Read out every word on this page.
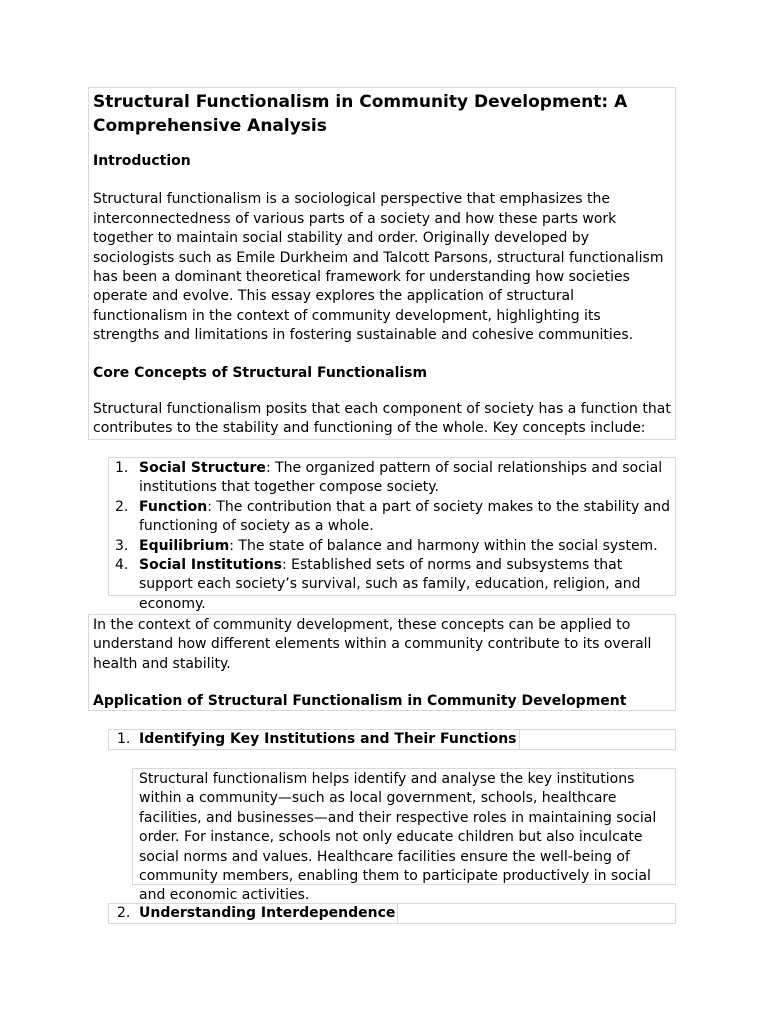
Structural Functionalism in Community Development: A Comprehensive Analysis

Introduction

Structural functionalism is a sociological perspective that emphasizes the interconnectedness of various parts of a society and how these parts work together to maintain social stability and order. Originally developed by sociologists such as Emile Durkheim and Talcott Parsons, structural functionalism has been a dominant theoretical framework for understanding how societies operate and evolve. This essay explores the application of structural functionalism in the context of community development, highlighting its strengths and limitations in fostering sustainable and cohesive communities.

Core Concepts of Structural Functionalism

Structural functionalism posits that each component of society has a function that contributes to the stability and functioning of the whole. Key concepts include:

1. Social Structure: The organized pattern of social relationships and social institutions that together compose society.
2. Function: The contribution that a part of society makes to the stability and functioning of society as a whole.
3. Equilibrium: The state of balance and harmony within the social system.
4. Social Institutions: Established sets of norms and subsystems that support each society’s survival, such as family, education, religion, and economy.

In the context of community development, these concepts can be applied to understand how different elements within a community contribute to its overall health and stability.

Application of Structural Functionalism in Community Development

1. Identifying Key Institutions and Their Functions

Structural functionalism helps identify and analyse the key institutions within a community—such as local government, schools, healthcare facilities, and businesses—and their respective roles in maintaining social order. For instance, schools not only educate children but also inculcate social norms and values. Healthcare facilities ensure the well-being of community members, enabling them to participate productively in social and economic activities.

2. Understanding Interdependence
